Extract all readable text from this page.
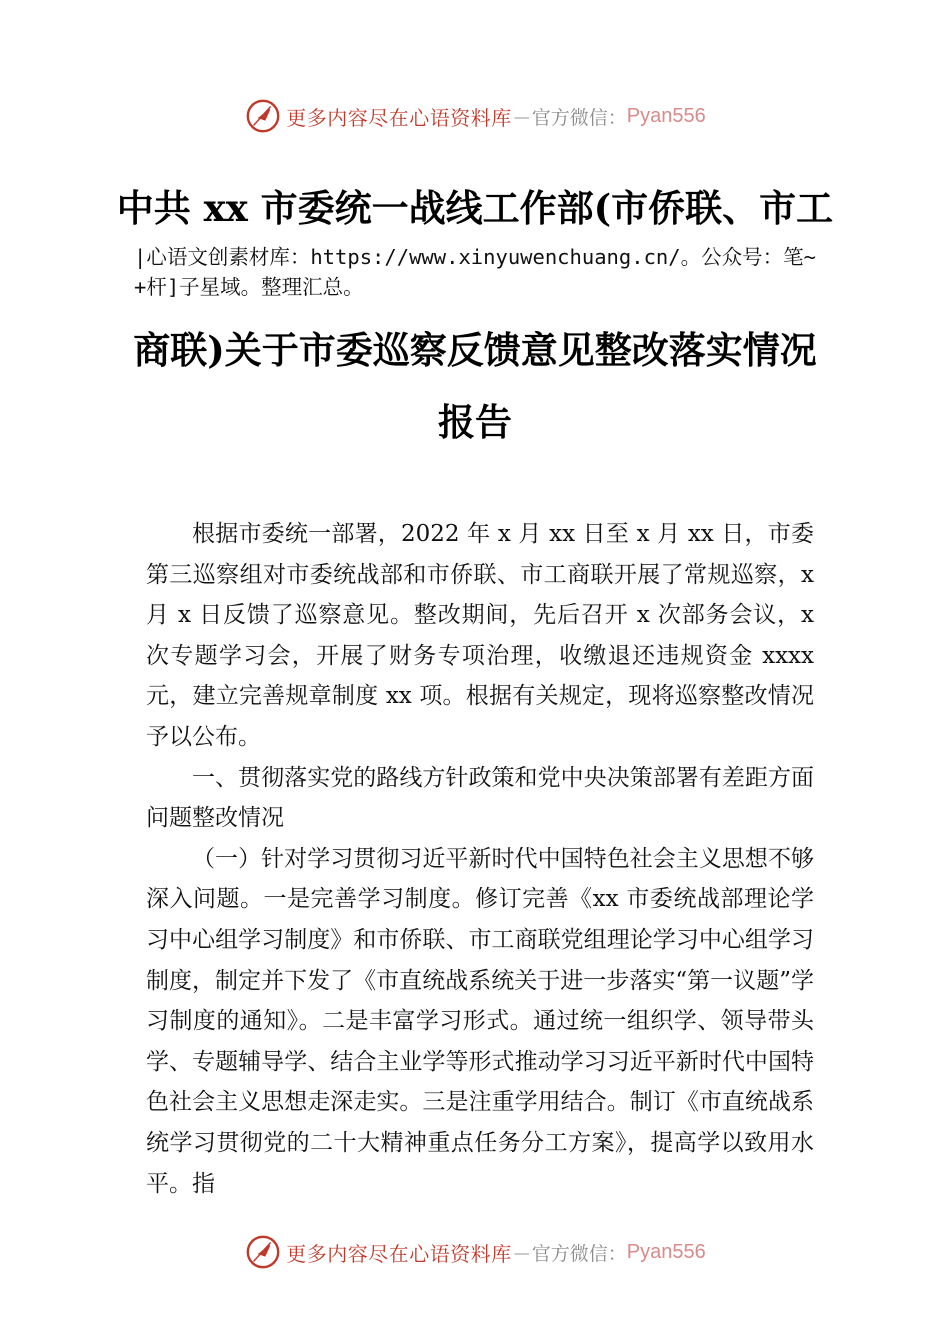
更多内容尽在心语资料库 — 官方微信： Pyan556
中共 xx 市委统一战线工作部(市侨联、市工
|心语文创素材库：https://www.xinyuwenchuang.cn/。公众号：笔~+杆]子星域。整理汇总。
商联)关于市委巡察反馈意见整改落实情况
报告

根据市委统一部署，2022 年 x 月 xx 日至 x 月 xx 日，市委第三巡察组对市委统战部和市侨联、市工商联开展了常规巡察，x 月 x 日反馈了巡察意见。整改期间，先后召开 x 次部务会议，x 次专题学习会，开展了财务专项治理，收缴退还违规资金 xxxx 元，建立完善规章制度 xx 项。根据有关规定，现将巡察整改情况予以公布。

一、贯彻落实党的路线方针政策和党中央决策部署有差距方面问题整改情况

（一）针对学习贯彻习近平新时代中国特色社会主义思想不够深入问题。一是完善学习制度。修订完善《xx 市委统战部理论学习中心组学习制度》和市侨联、市工商联党组理论学习中心组学习制度，制定并下发了《市直统战系统关于进一步落实“第一议题”学习制度的通知》。二是丰富学习形式。通过统一组织学、领导带头学、专题辅导学、结合主业学等形式推动学习习近平新时代中国特色社会主义思想走深走实。三是注重学用结合。制订《市直统战系统学习贯彻党的二十大精神重点任务分工方案》，提高学以致用水平。指

更多内容尽在心语资料库 — 官方微信： Pyan556
